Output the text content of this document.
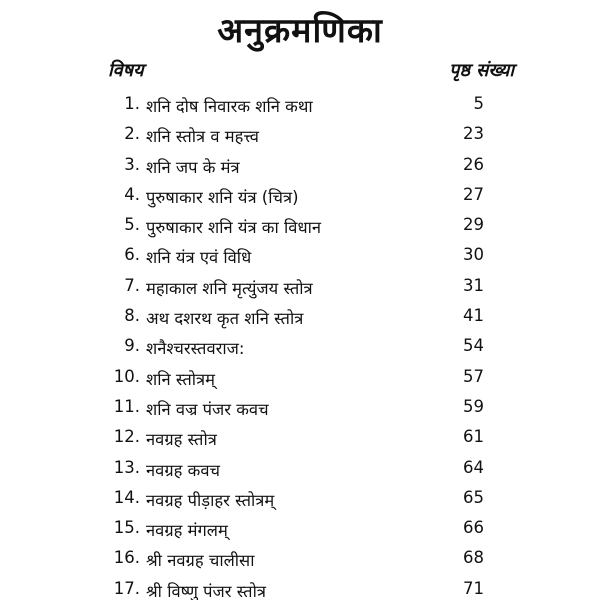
अनुक्रमणिका
विषय	पृष्ठ संख्या
1. शनि दोष निवारक शनि कथा	5
2. शनि स्तोत्र व महत्त्व	23
3. शनि जप के मंत्र	26
4. पुरुषाकार शनि यंत्र (चित्र)	27
5. पुरुषाकार शनि यंत्र का विधान	29
6. शनि यंत्र एवं विधि	30
7. महाकाल शनि मृत्युंजय स्तोत्र	31
8. अथ दशरथ कृत शनि स्तोत्र	41
9. शनैश्चरस्तवराज:	54
10. शनि स्तोत्रम्	57
11. शनि वज्र पंजर कवच	59
12. नवग्रह स्तोत्र	61
13. नवग्रह कवच	64
14. नवग्रह पीड़ाहर स्तोत्रम्	65
15. नवग्रह मंगलम्	66
16. श्री नवग्रह चालीसा	68
17. श्री विष्णु पंजर स्तोत्र	71
